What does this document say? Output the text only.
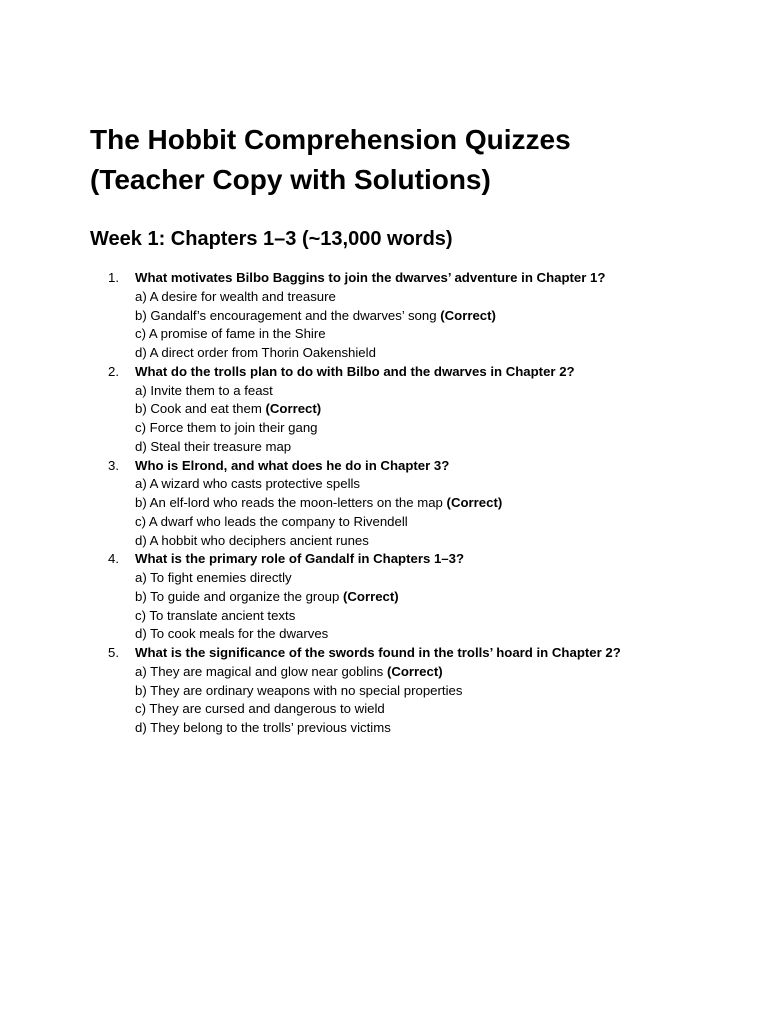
The Hobbit Comprehension Quizzes
(Teacher Copy with Solutions)
Week 1: Chapters 1–3 (~13,000 words)
1. What motivates Bilbo Baggins to join the dwarves’ adventure in Chapter 1?
a) A desire for wealth and treasure
b) Gandalf’s encouragement and the dwarves’ song (Correct)
c) A promise of fame in the Shire
d) A direct order from Thorin Oakenshield
2. What do the trolls plan to do with Bilbo and the dwarves in Chapter 2?
a) Invite them to a feast
b) Cook and eat them (Correct)
c) Force them to join their gang
d) Steal their treasure map
3. Who is Elrond, and what does he do in Chapter 3?
a) A wizard who casts protective spells
b) An elf-lord who reads the moon-letters on the map (Correct)
c) A dwarf who leads the company to Rivendell
d) A hobbit who deciphers ancient runes
4. What is the primary role of Gandalf in Chapters 1–3?
a) To fight enemies directly
b) To guide and organize the group (Correct)
c) To translate ancient texts
d) To cook meals for the dwarves
5. What is the significance of the swords found in the trolls’ hoard in Chapter 2?
a) They are magical and glow near goblins (Correct)
b) They are ordinary weapons with no special properties
c) They are cursed and dangerous to wield
d) They belong to the trolls’ previous victims
